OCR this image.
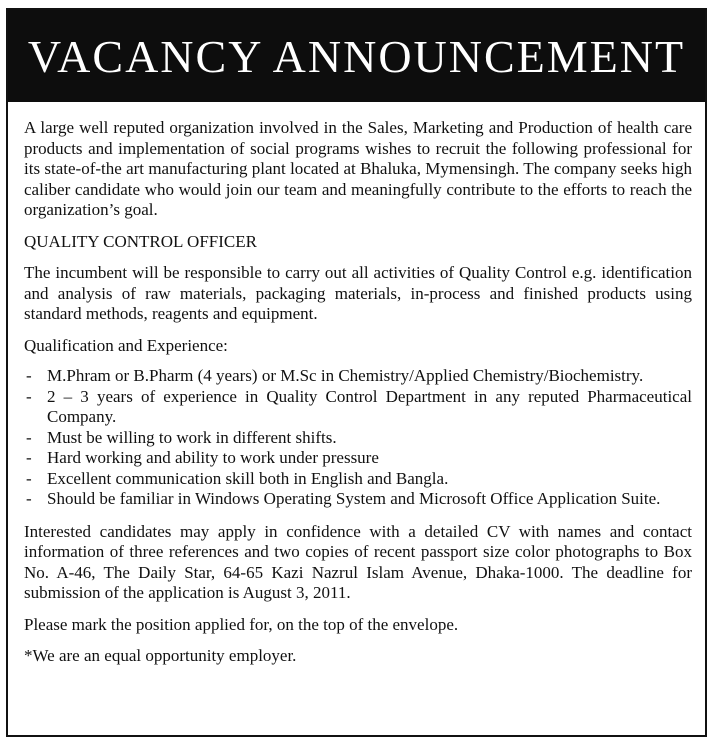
VACANCY ANNOUNCEMENT

A large well reputed organization involved in the Sales, Marketing and Production of health care products and implementation of social programs wishes to recruit the following professional for its state-of-the art manufacturing plant located at Bhaluka, Mymensingh. The company seeks high caliber candidate who would join our team and meaningfully contribute to the efforts to reach the organization’s goal.

QUALITY CONTROL OFFICER

The incumbent will be responsible to carry out all activities of Quality Control e.g. identification and analysis of raw materials, packaging materials, in-process and finished products using standard methods, reagents and equipment.

Qualification and Experience:
- M.Phram or B.Pharm (4 years) or M.Sc in Chemistry/Applied Chemistry/Biochemistry.
- 2 – 3 years of experience in Quality Control Department in any reputed Pharmaceutical Company.
- Must be willing to work in different shifts.
- Hard working and ability to work under pressure
- Excellent communication skill both in English and Bangla.
- Should be familiar in Windows Operating System and Microsoft Office Application Suite.

Interested candidates may apply in confidence with a detailed CV with names and contact information of three references and two copies of recent passport size color photographs to Box No. A-46, The Daily Star, 64-65 Kazi Nazrul Islam Avenue, Dhaka-1000. The deadline for submission of the application is August 3, 2011.

Please mark the position applied for, on the top of the envelope.

*We are an equal opportunity employer.
